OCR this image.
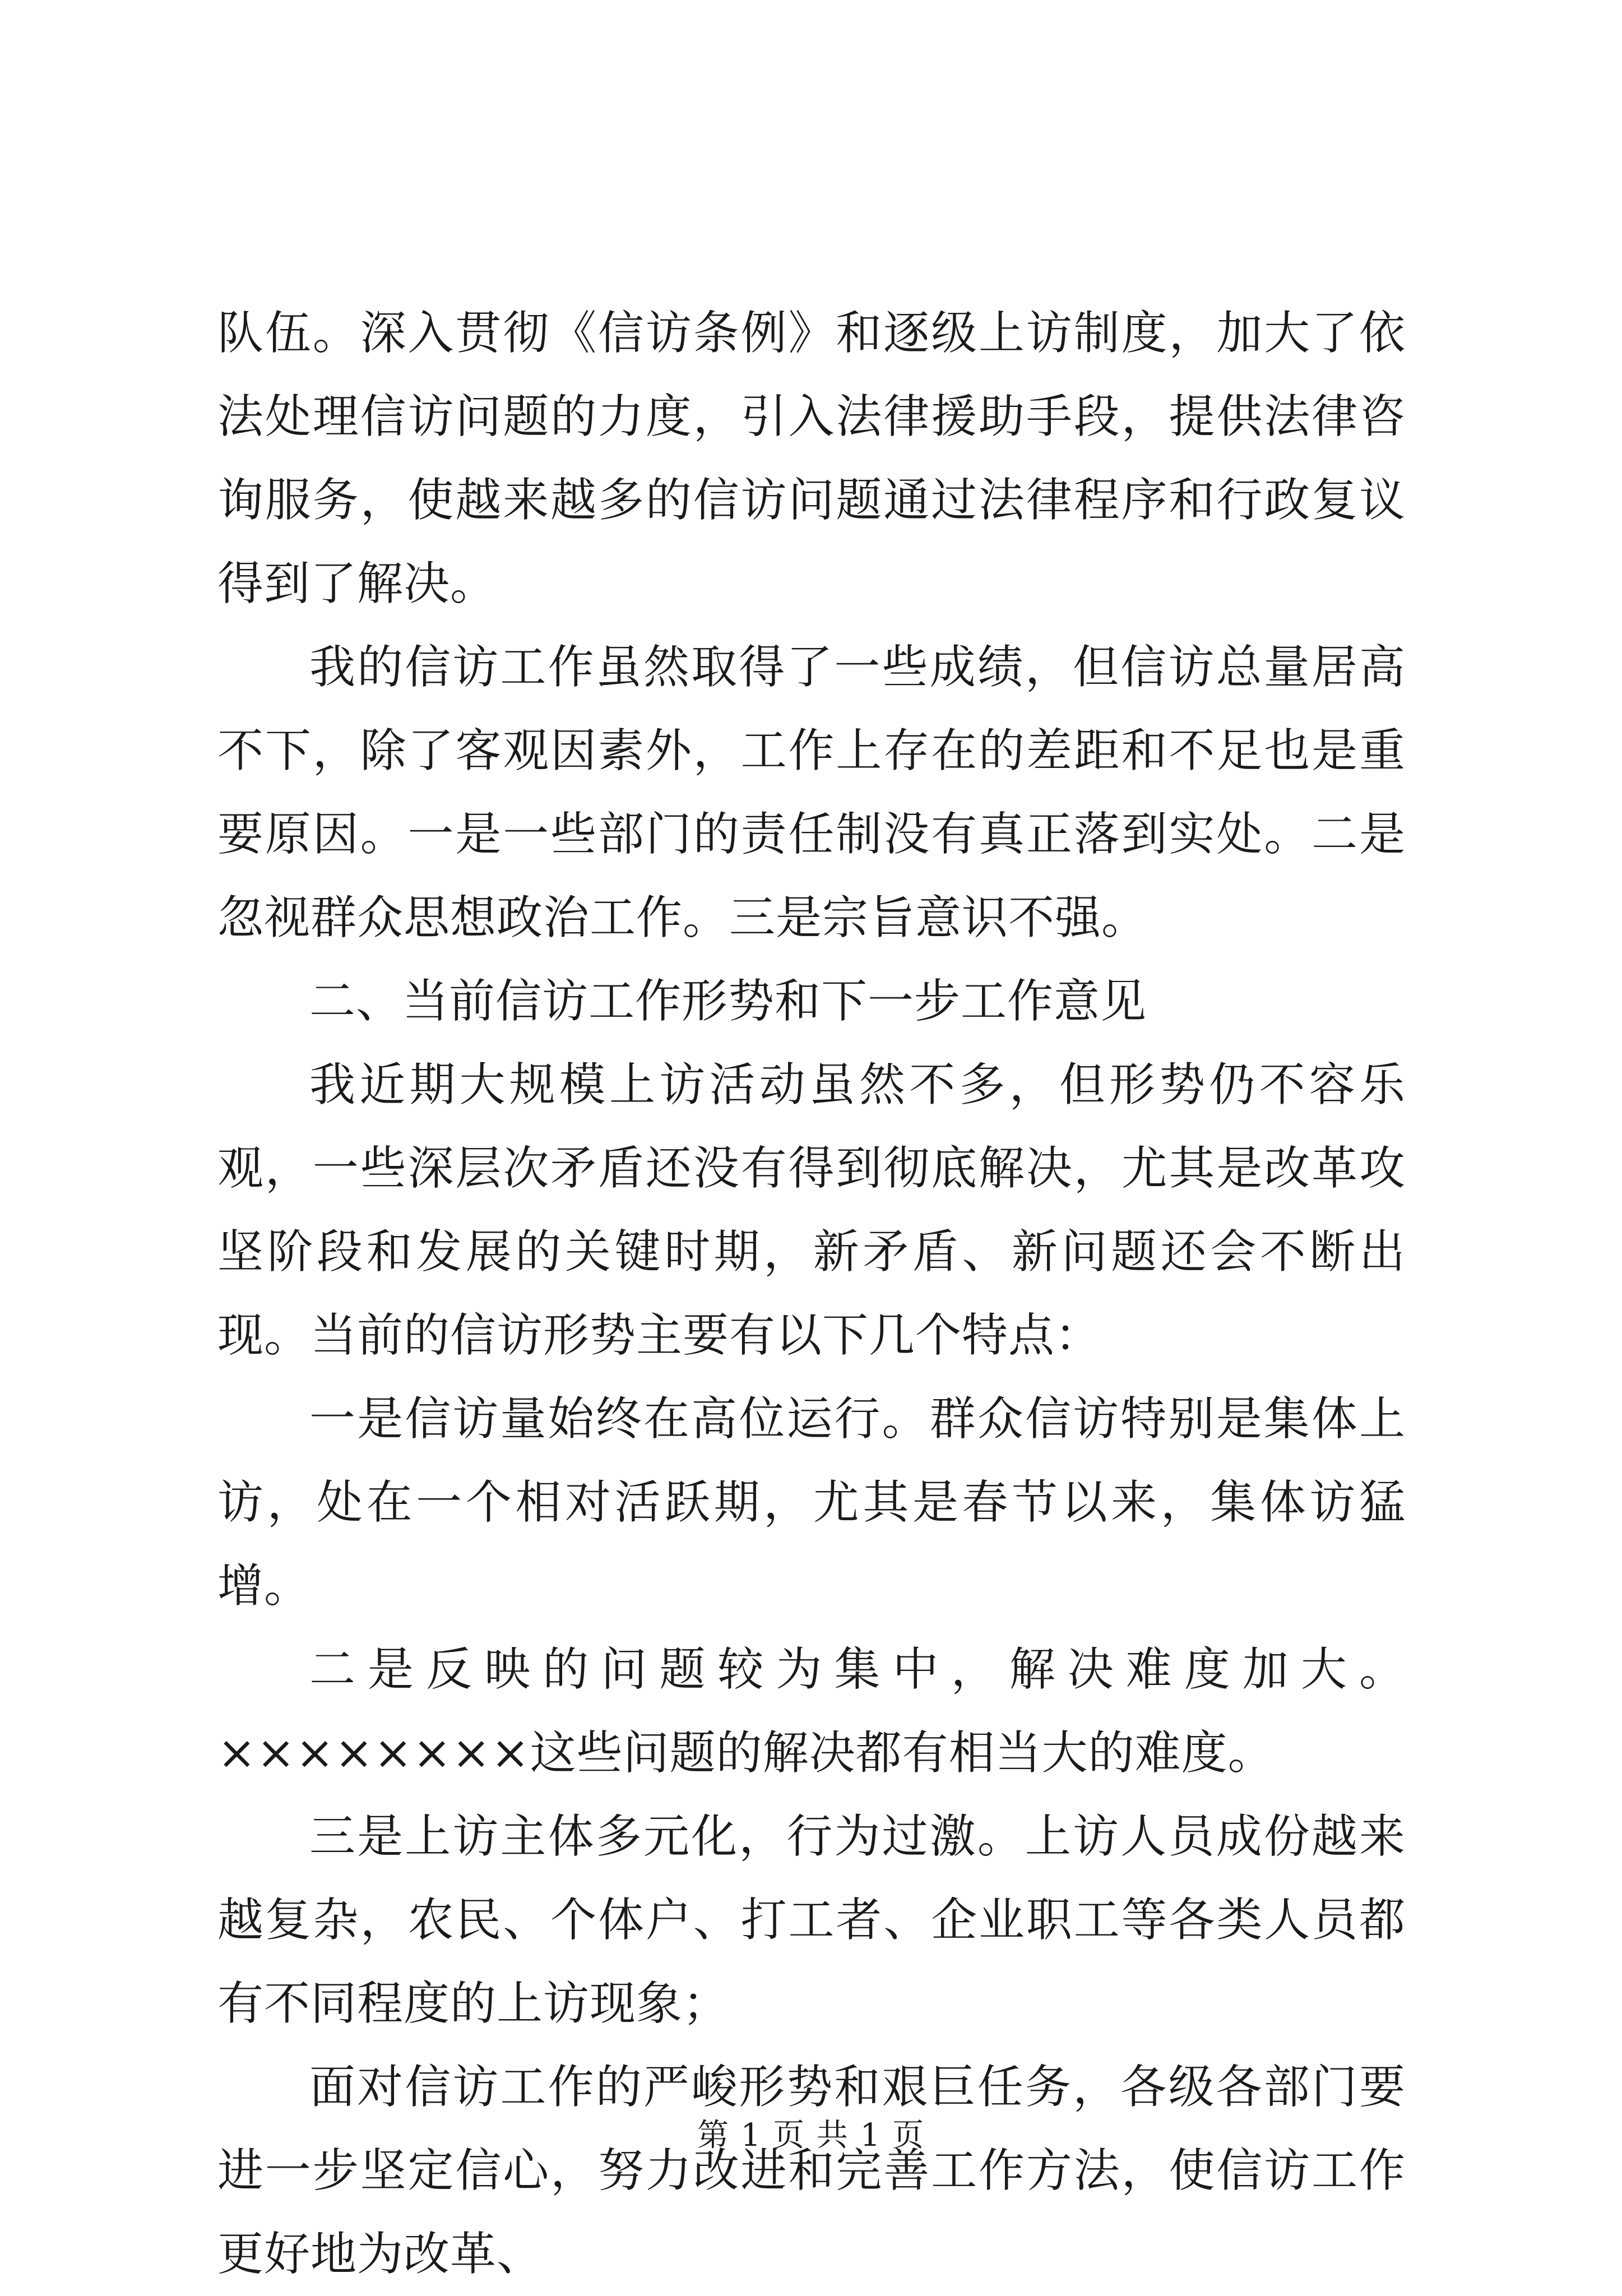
队伍。深入贯彻《信访条例》和逐级上访制度，加大了依法处理信访问题的力度，引入法律援助手段，提供法律咨询服务，使越来越多的信访问题通过法律程序和行政复议得到了解决。

我的信访工作虽然取得了一些成绩，但信访总量居高不下，除了客观因素外，工作上存在的差距和不足也是重要原因。一是一些部门的责任制没有真正落到实处。二是忽视群众思想政治工作。三是宗旨意识不强。

二、当前信访工作形势和下一步工作意见

我近期大规模上访活动虽然不多，但形势仍不容乐观，一些深层次矛盾还没有得到彻底解决，尤其是改革攻坚阶段和发展的关键时期，新矛盾、新问题还会不断出现。当前的信访形势主要有以下几个特点：

一是信访量始终在高位运行。群众信访特别是集体上访，处在一个相对活跃期，尤其是春节以来，集体访猛增。

二是反映的问题较为集中，解决难度加大。

××××××××这些问题的解决都有相当大的难度。

三是上访主体多元化，行为过激。上访人员成份越来越复杂，农民、个体户、打工者、企业职工等各类人员都有不同程度的上访现象；

面对信访工作的严峻形势和艰巨任务，各级各部门要进一步坚定信心，努力改进和完善工作方法，使信访工作更好地为改革、

第 1 页 共 1 页
